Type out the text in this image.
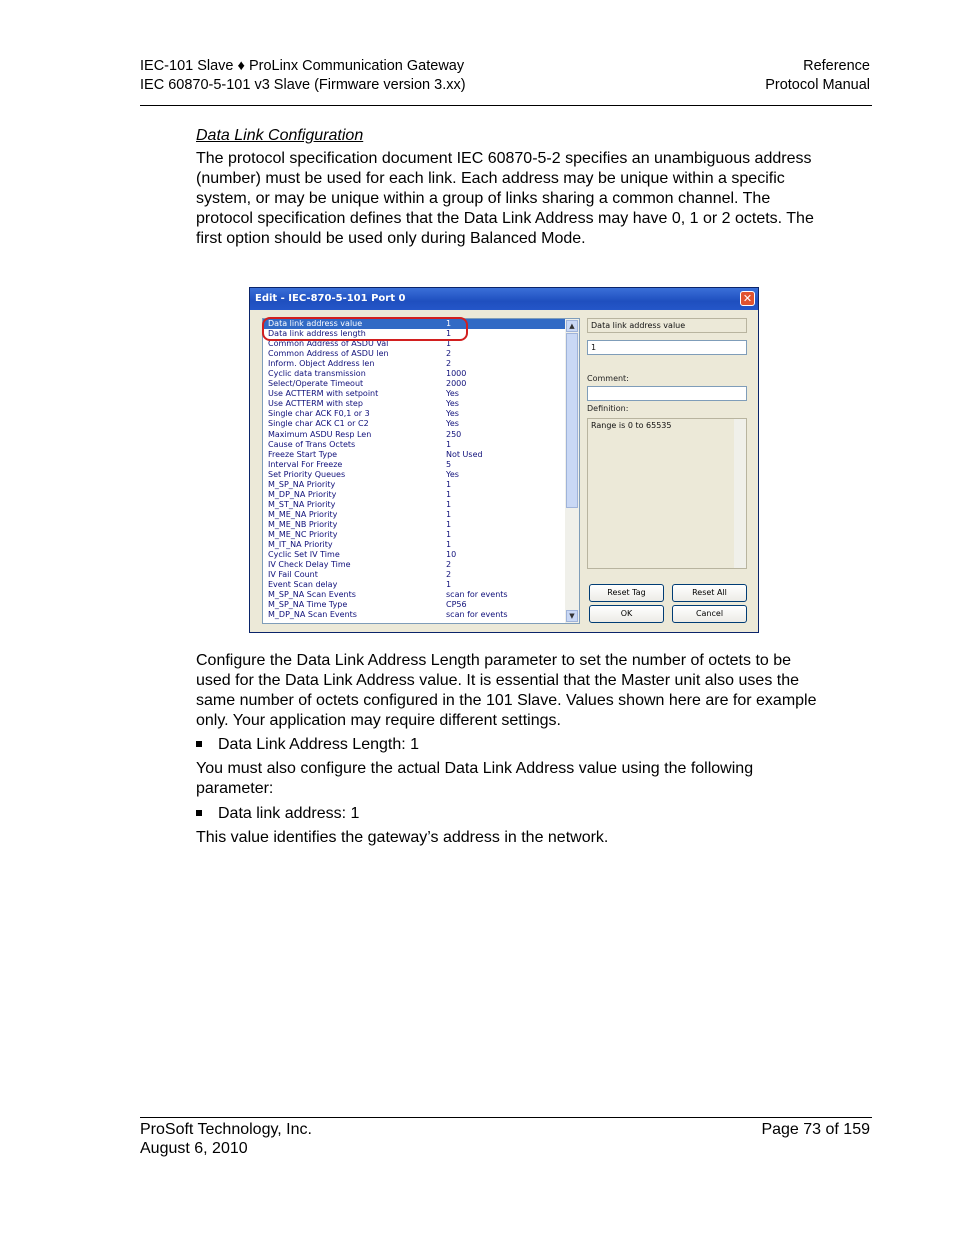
IEC-101 Slave ♦ ProLinx Communication Gateway
IEC 60870-5-101 v3 Slave (Firmware version 3.xx)
Reference
Protocol Manual
Data Link Configuration
The protocol specification document IEC 60870-5-2 specifies an unambiguous address (number) must be used for each link. Each address may be unique within a specific system, or may be unique within a group of links sharing a common channel. The protocol specification defines that the Data Link Address may have 0, 1 or 2 octets. The first option should be used only during Balanced Mode.
Edit - IEC-870-5-101 Port 0	✕
Data link address value	1
Data link address length	1
Common Address of ASDU Val	1
Common Address of ASDU len	2
Inform. Object Address len	2
Cyclic data transmission	1000
Select/Operate Timeout	2000
Use ACTTERM with setpoint	Yes
Use ACTTERM with step	Yes
Single char ACK F0,1 or 3	Yes
Single char ACK C1 or C2	Yes
Maximum ASDU Resp Len	250
Cause of Trans Octets	1
Freeze Start Type	Not Used
Interval For Freeze	5
Set Priority Queues	Yes
M_SP_NA Priority	1
M_DP_NA Priority	1
M_ST_NA Priority	1
M_ME_NA Priority	1
M_ME_NB Priority	1
M_ME_NC Priority	1
M_IT_NA Priority	1
Cyclic Set IV Time	10
IV Check Delay Time	2
IV Fail Count	2
Event Scan delay	1
M_SP_NA Scan Events	scan for events
M_SP_NA Time Type	CP56
M_DP_NA Scan Events	scan for events
▲
▼
Data link address value
1
Comment:
Definition:
Range is 0 to 65535
Reset Tag	Reset All
OK	Cancel
Configure the Data Link Address Length parameter to set the number of octets to be used for the Data Link Address value. It is essential that the Master unit also uses the same number of octets configured in the 101 Slave. Values shown here are for example only. Your application may require different settings.
Data Link Address Length: 1
You must also configure the actual Data Link Address value using the following parameter:
Data link address: 1
This value identifies the gateway’s address in the network.
ProSoft Technology, Inc.
August 6, 2010
Page 73 of 159
